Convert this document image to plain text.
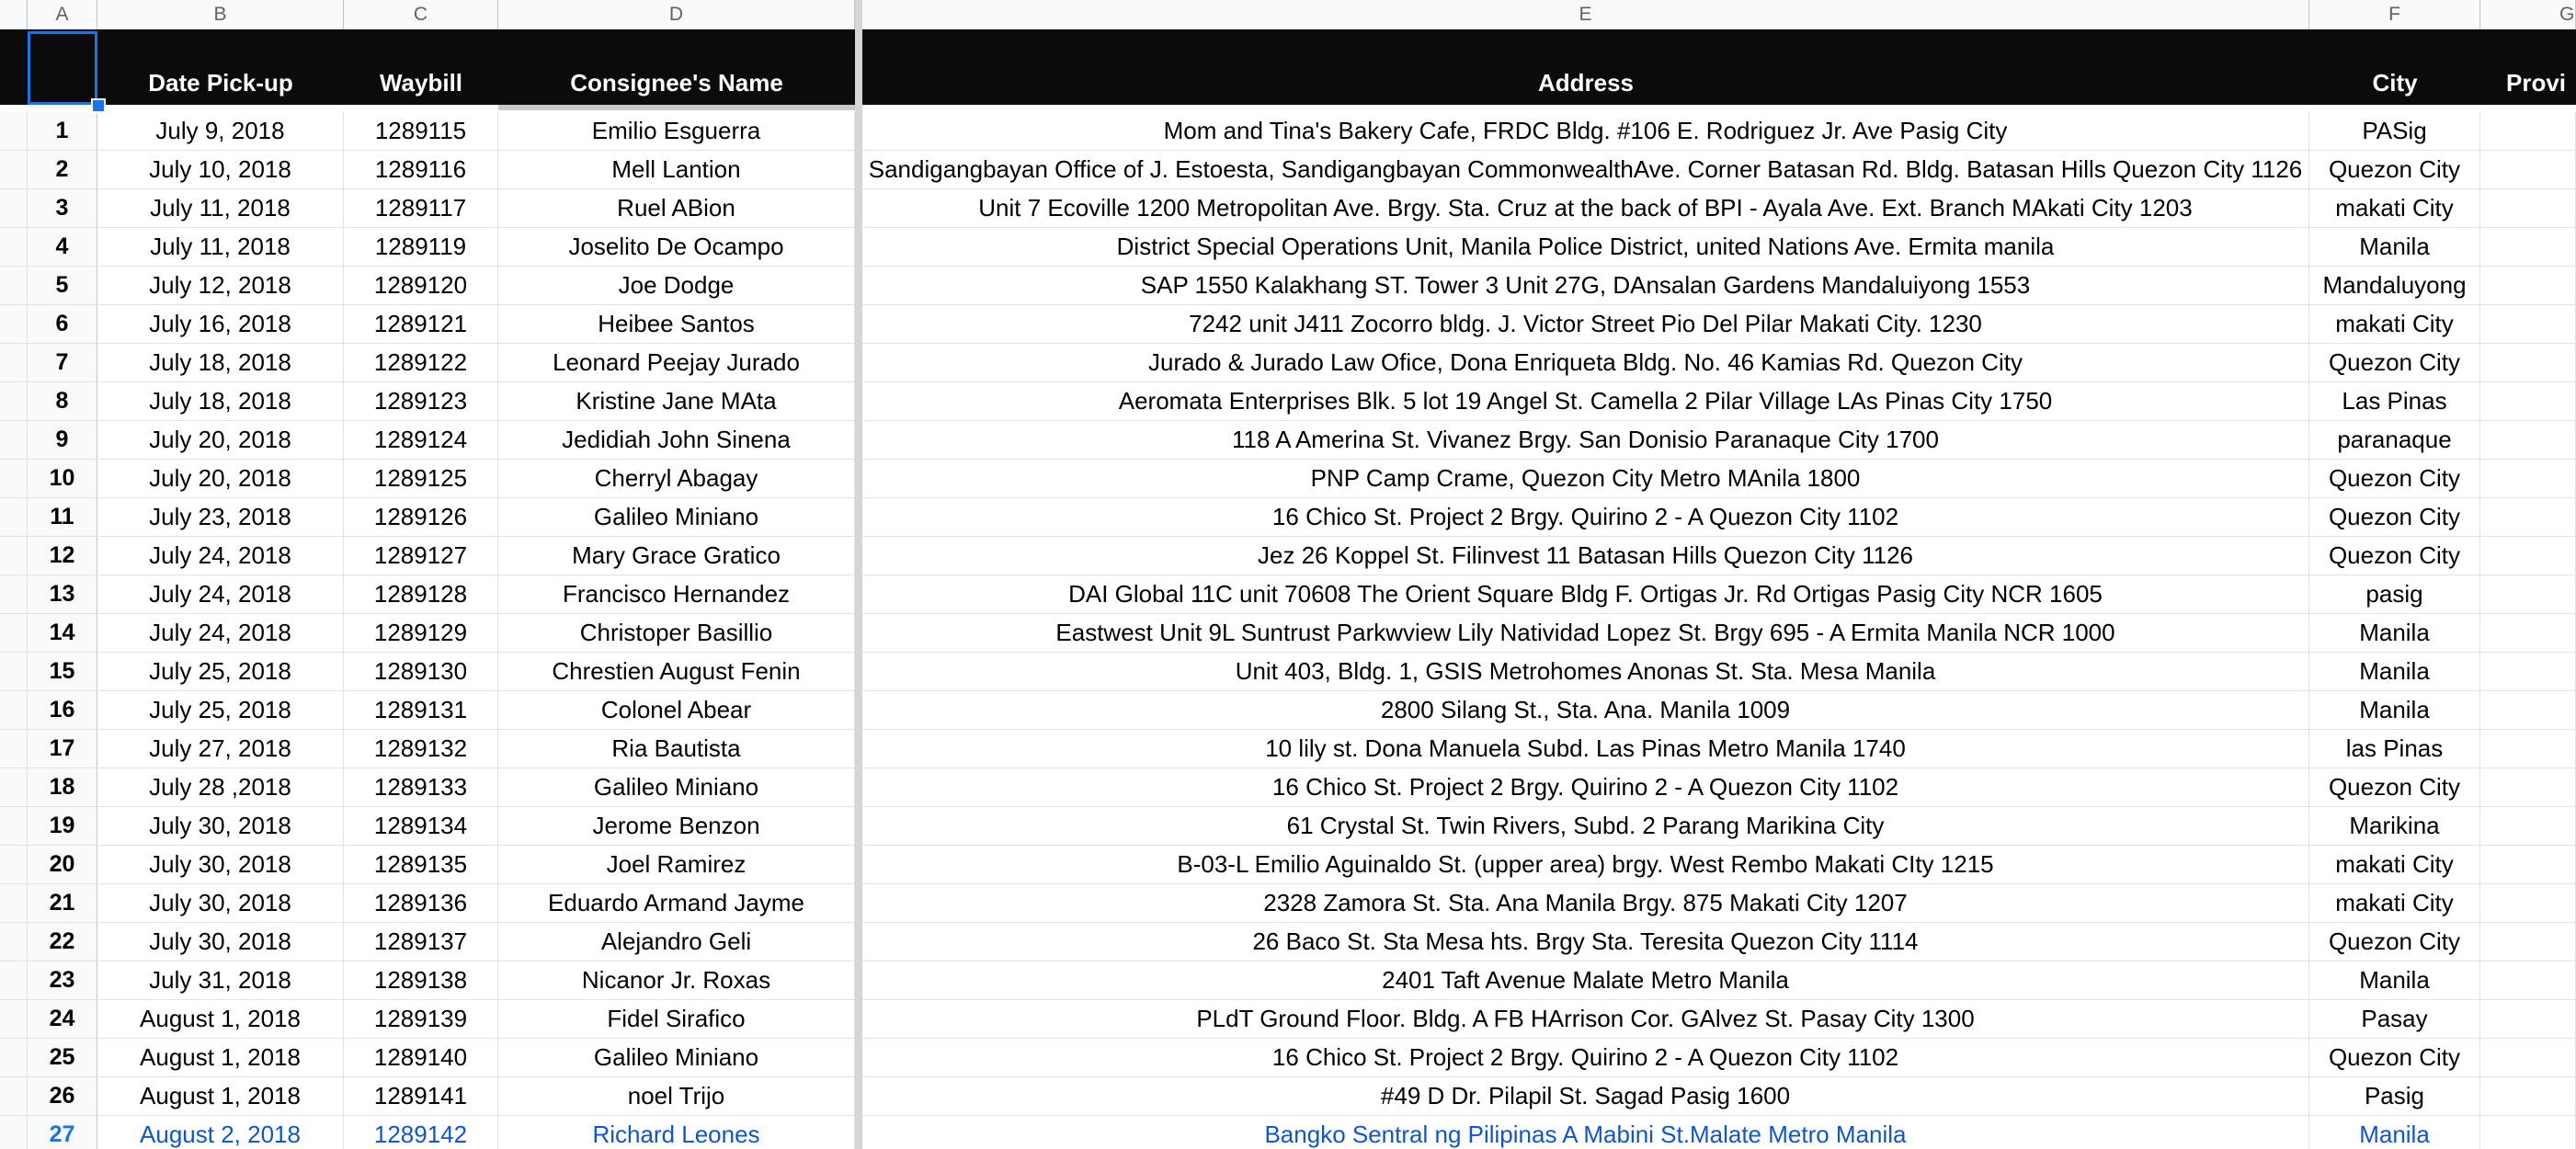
A	B	C	D	E	F	G
Date Pick-up	Waybill	Consignee's Name	Address	City	Provi
1	July 9, 2018	1289115	Emilio Esguerra	Mom and Tina's Bakery Cafe, FRDC Bldg. #106 E. Rodriguez Jr. Ave Pasig City	PASig
2	July 10, 2018	1289116	Mell Lantion	Sandigangbayan Office of J. Estoesta, Sandigangbayan CommonwealthAve. Corner Batasan Rd. Bldg. Batasan Hills Quezon City 1126	Quezon City
3	July 11, 2018	1289117	Ruel ABion	Unit 7 Ecoville 1200 Metropolitan Ave. Brgy. Sta. Cruz at the back of BPI - Ayala Ave. Ext. Branch MAkati City 1203	makati City
4	July 11, 2018	1289119	Joselito De Ocampo	District Special Operations Unit, Manila Police District, united Nations Ave. Ermita manila	Manila
5	July 12, 2018	1289120	Joe Dodge	SAP 1550 Kalakhang ST. Tower 3 Unit 27G, DAnsalan Gardens Mandaluiyong 1553	Mandaluyong
6	July 16, 2018	1289121	Heibee Santos	7242 unit J411 Zocorro bldg. J. Victor Street Pio Del Pilar Makati City. 1230	makati City
7	July 18, 2018	1289122	Leonard Peejay Jurado	Jurado & Jurado Law Ofice, Dona Enriqueta Bldg. No. 46 Kamias Rd. Quezon City	Quezon City
8	July 18, 2018	1289123	Kristine Jane MAta	Aeromata Enterprises Blk. 5 lot 19 Angel St. Camella 2 Pilar Village LAs Pinas City 1750	Las Pinas
9	July 20, 2018	1289124	Jedidiah John Sinena	118 A Amerina St. Vivanez Brgy. San Donisio Paranaque City 1700	paranaque
10	July 20, 2018	1289125	Cherryl Abagay	PNP Camp Crame, Quezon City Metro MAnila 1800	Quezon City
11	July 23, 2018	1289126	Galileo Miniano	16 Chico St. Project 2 Brgy. Quirino 2 - A Quezon City 1102	Quezon City
12	July 24, 2018	1289127	Mary Grace Gratico	Jez 26 Koppel St. Filinvest 11 Batasan Hills Quezon City 1126	Quezon City
13	July 24, 2018	1289128	Francisco Hernandez	DAI Global 11C unit 70608 The Orient Square Bldg F. Ortigas Jr. Rd Ortigas Pasig City NCR 1605	pasig
14	July 24, 2018	1289129	Christoper Basillio	Eastwest Unit 9L Suntrust Parkwview Lily Natividad Lopez St. Brgy 695 - A Ermita Manila NCR 1000	Manila
15	July 25, 2018	1289130	Chrestien August Fenin	Unit 403, Bldg. 1, GSIS Metrohomes Anonas St. Sta. Mesa Manila	Manila
16	July 25, 2018	1289131	Colonel Abear	2800 Silang St., Sta. Ana. Manila 1009	Manila
17	July 27, 2018	1289132	Ria Bautista	10 lily st. Dona Manuela Subd. Las Pinas Metro Manila 1740	las Pinas
18	July 28 ,2018	1289133	Galileo Miniano	16 Chico St. Project 2 Brgy. Quirino 2 - A Quezon City 1102	Quezon City
19	July 30, 2018	1289134	Jerome Benzon	61 Crystal St. Twin Rivers, Subd. 2 Parang Marikina City	Marikina
20	July 30, 2018	1289135	Joel Ramirez	B-03-L Emilio Aguinaldo St. (upper area) brgy. West Rembo Makati CIty 1215	makati City
21	July 30, 2018	1289136	Eduardo Armand Jayme	2328 Zamora St. Sta. Ana Manila Brgy. 875 Makati City 1207	makati City
22	July 30, 2018	1289137	Alejandro Geli	26 Baco St. Sta Mesa hts. Brgy Sta. Teresita Quezon City 1114	Quezon City
23	July 31, 2018	1289138	Nicanor Jr. Roxas	2401 Taft Avenue Malate Metro Manila	Manila
24	August 1, 2018	1289139	Fidel Sirafico	PLdT Ground Floor. Bldg. A FB HArrison Cor. GAlvez St. Pasay City 1300	Pasay
25	August 1, 2018	1289140	Galileo Miniano	16 Chico St. Project 2 Brgy. Quirino 2 - A Quezon City 1102	Quezon City
26	August 1, 2018	1289141	noel Trijo	#49 D Dr. Pilapil St. Sagad Pasig 1600	Pasig
27	August 2, 2018	1289142	Richard Leones	Bangko Sentral ng Pilipinas A Mabini St.Malate Metro Manila	Manila
